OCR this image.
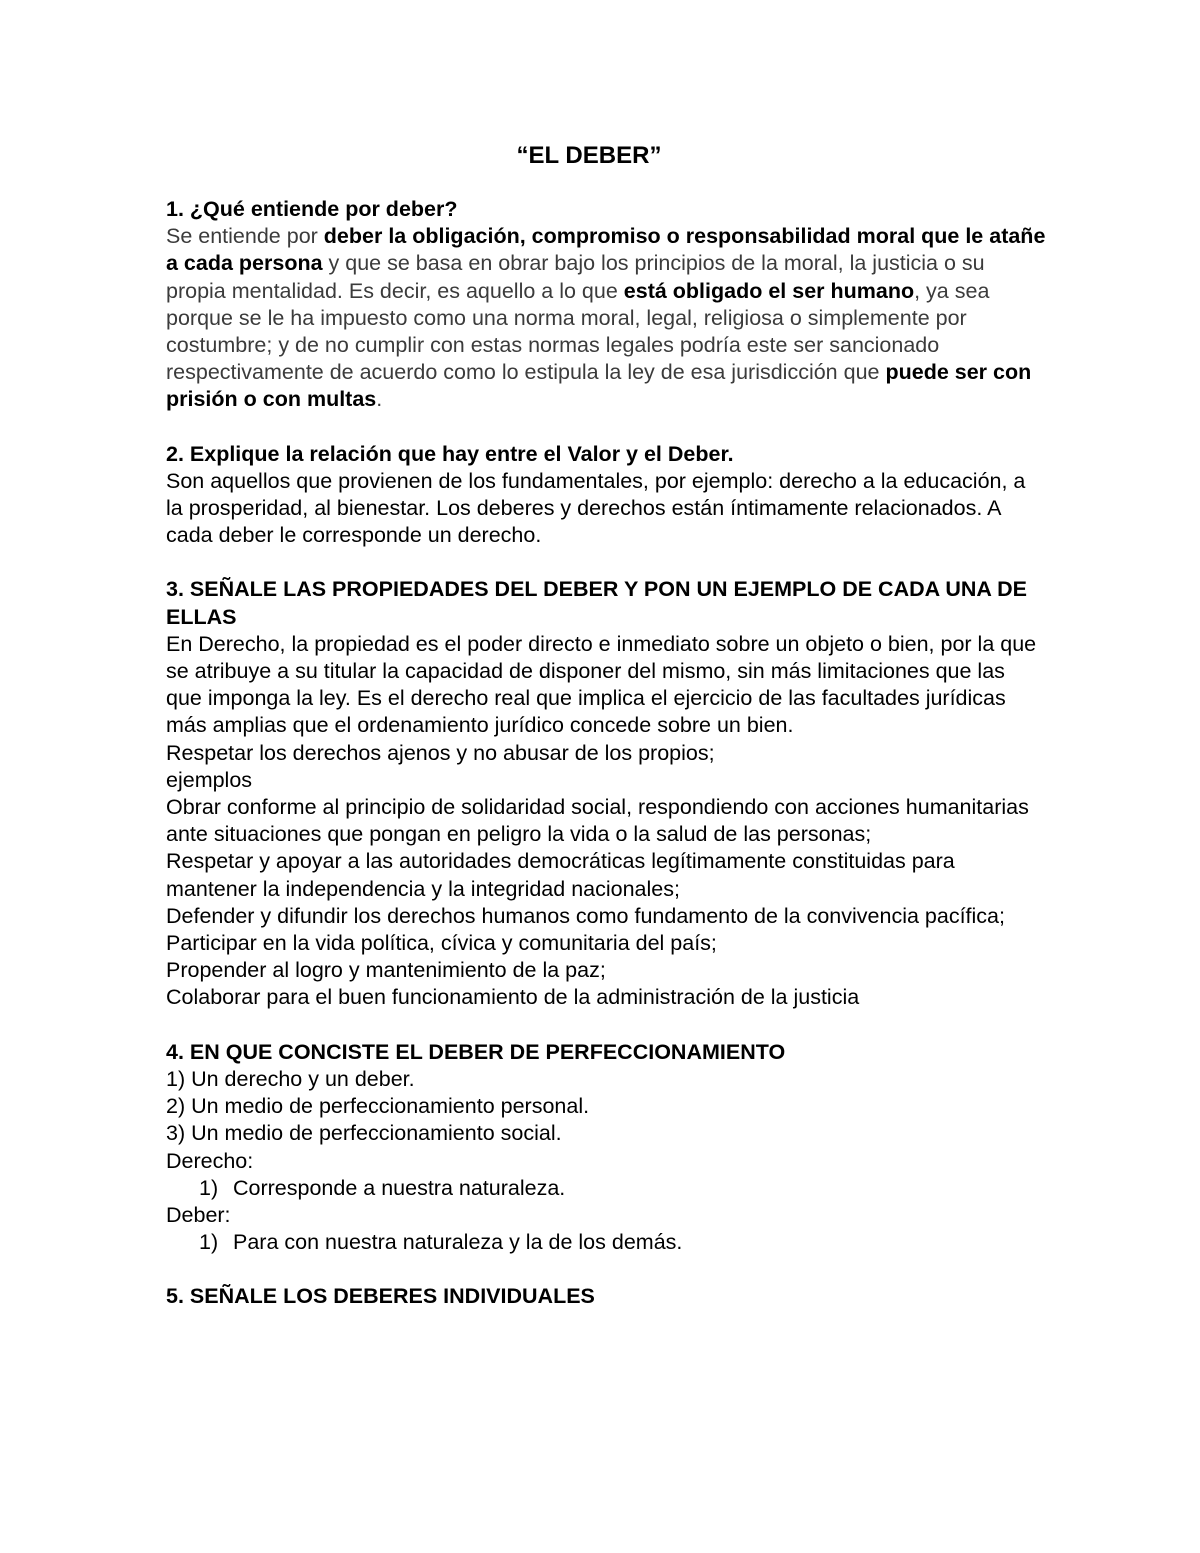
“EL DEBER”

1. ¿Qué entiende por deber?

Se entiende por deber la obligación, compromiso o responsabilidad moral que le atañe a cada persona y que se basa en obrar bajo los principios de la moral, la justicia o su propia mentalidad. Es decir, es aquello a lo que está obligado el ser humano, ya sea porque se le ha impuesto como una norma moral, legal, religiosa o simplemente por costumbre; y de no cumplir con estas normas legales podría este ser sancionado respectivamente de acuerdo como lo estipula la ley de esa jurisdicción que puede ser con prisión o con multas.

2. Explique la relación que hay entre el Valor y el Deber.

Son aquellos que provienen de los fundamentales, por ejemplo: derecho a la educación, a la prosperidad, al bienestar. Los deberes y derechos están íntimamente relacionados. A cada deber le corresponde un derecho.

3. SEÑALE LAS PROPIEDADES DEL DEBER Y PON UN EJEMPLO DE CADA UNA DE ELLAS

En Derecho, la propiedad es el poder directo e inmediato sobre un objeto o bien, por la que se atribuye a su titular la capacidad de disponer del mismo, sin más limitaciones que las que imponga la ley. Es el derecho real que implica el ejercicio de las facultades jurídicas más amplias que el ordenamiento jurídico concede sobre un bien.

Respetar los derechos ajenos y no abusar de los propios;

ejemplos

Obrar conforme al principio de solidaridad social, respondiendo con acciones humanitarias ante situaciones que pongan en peligro la vida o la salud de las personas;

Respetar y apoyar a las autoridades democráticas legítimamente constituidas para mantener la independencia y la integridad nacionales;

Defender y difundir los derechos humanos como fundamento de la convivencia pacífica;

Participar en la vida política, cívica y comunitaria del país;

Propender al logro y mantenimiento de la paz;

Colaborar para el buen funcionamiento de la administración de la justicia

4. EN QUE CONCISTE EL DEBER DE PERFECCIONAMIENTO

1) Un derecho y un deber.

2) Un medio de perfeccionamiento personal.

3) Un medio de perfeccionamiento social.

Derecho:

1) Corresponde a nuestra naturaleza.

Deber:

1) Para con nuestra naturaleza y la de los demás.

5. SEÑALE LOS DEBERES INDIVIDUALES
